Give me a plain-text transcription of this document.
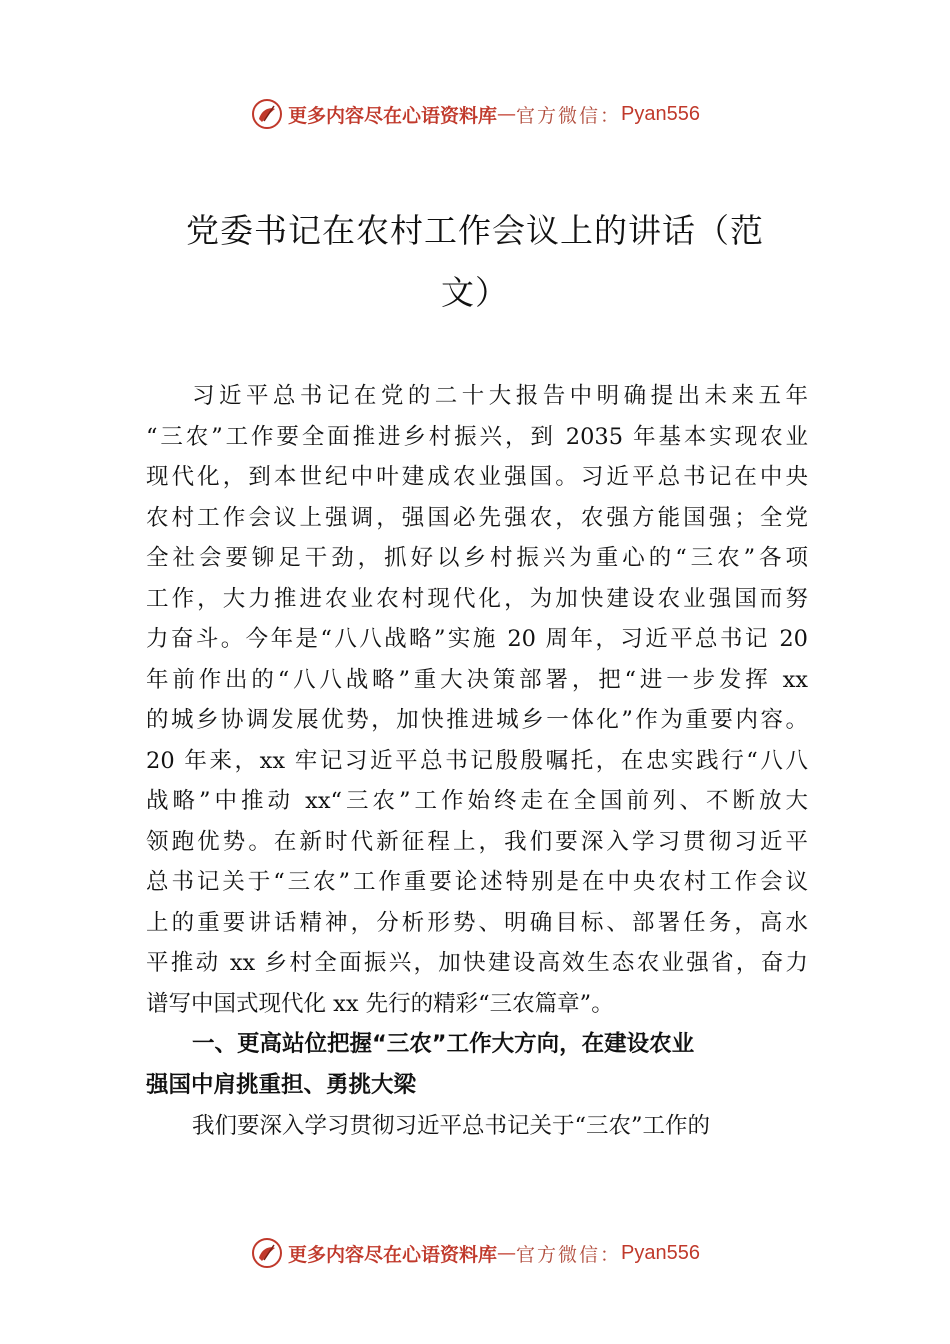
更多内容尽在心语资料库 — 官方微信： Pyan556
党委书记在农村工作会议上的讲话（范
文）
习近平总书记在党的二十大报告中明确提出未来五年
“三农”工作要全面推进乡村振兴，到 2035 年基本实现农业
现代化，到本世纪中叶建成农业强国。习近平总书记在中央
农村工作会议上强调，强国必先强农，农强方能国强；全党
全社会要铆足干劲，抓好以乡村振兴为重心的“三农”各项
工作，大力推进农业农村现代化，为加快建设农业强国而努
力奋斗。今年是“八八战略”实施 20 周年，习近平总书记 20
年前作出的“八八战略”重大决策部署，把“进一步发挥 xx
的城乡协调发展优势，加快推进城乡一体化”作为重要内容。
20 年来，xx 牢记习近平总书记殷殷嘱托，在忠实践行“八八
战略”中推动 xx“三农”工作始终走在全国前列、不断放大
领跑优势。在新时代新征程上，我们要深入学习贯彻习近平
总书记关于“三农”工作重要论述特别是在中央农村工作会议
上的重要讲话精神，分析形势、明确目标、部署任务，高水
平推动 xx 乡村全面振兴，加快建设高效生态农业强省，奋力
谱写中国式现代化 xx 先行的精彩“三农篇章”。
一、更高站位把握“三农”工作大方向，在建设农业
强国中肩挑重担、勇挑大梁
我们要深入学习贯彻习近平总书记关于“三农”工作的
更多内容尽在心语资料库 — 官方微信： Pyan556
